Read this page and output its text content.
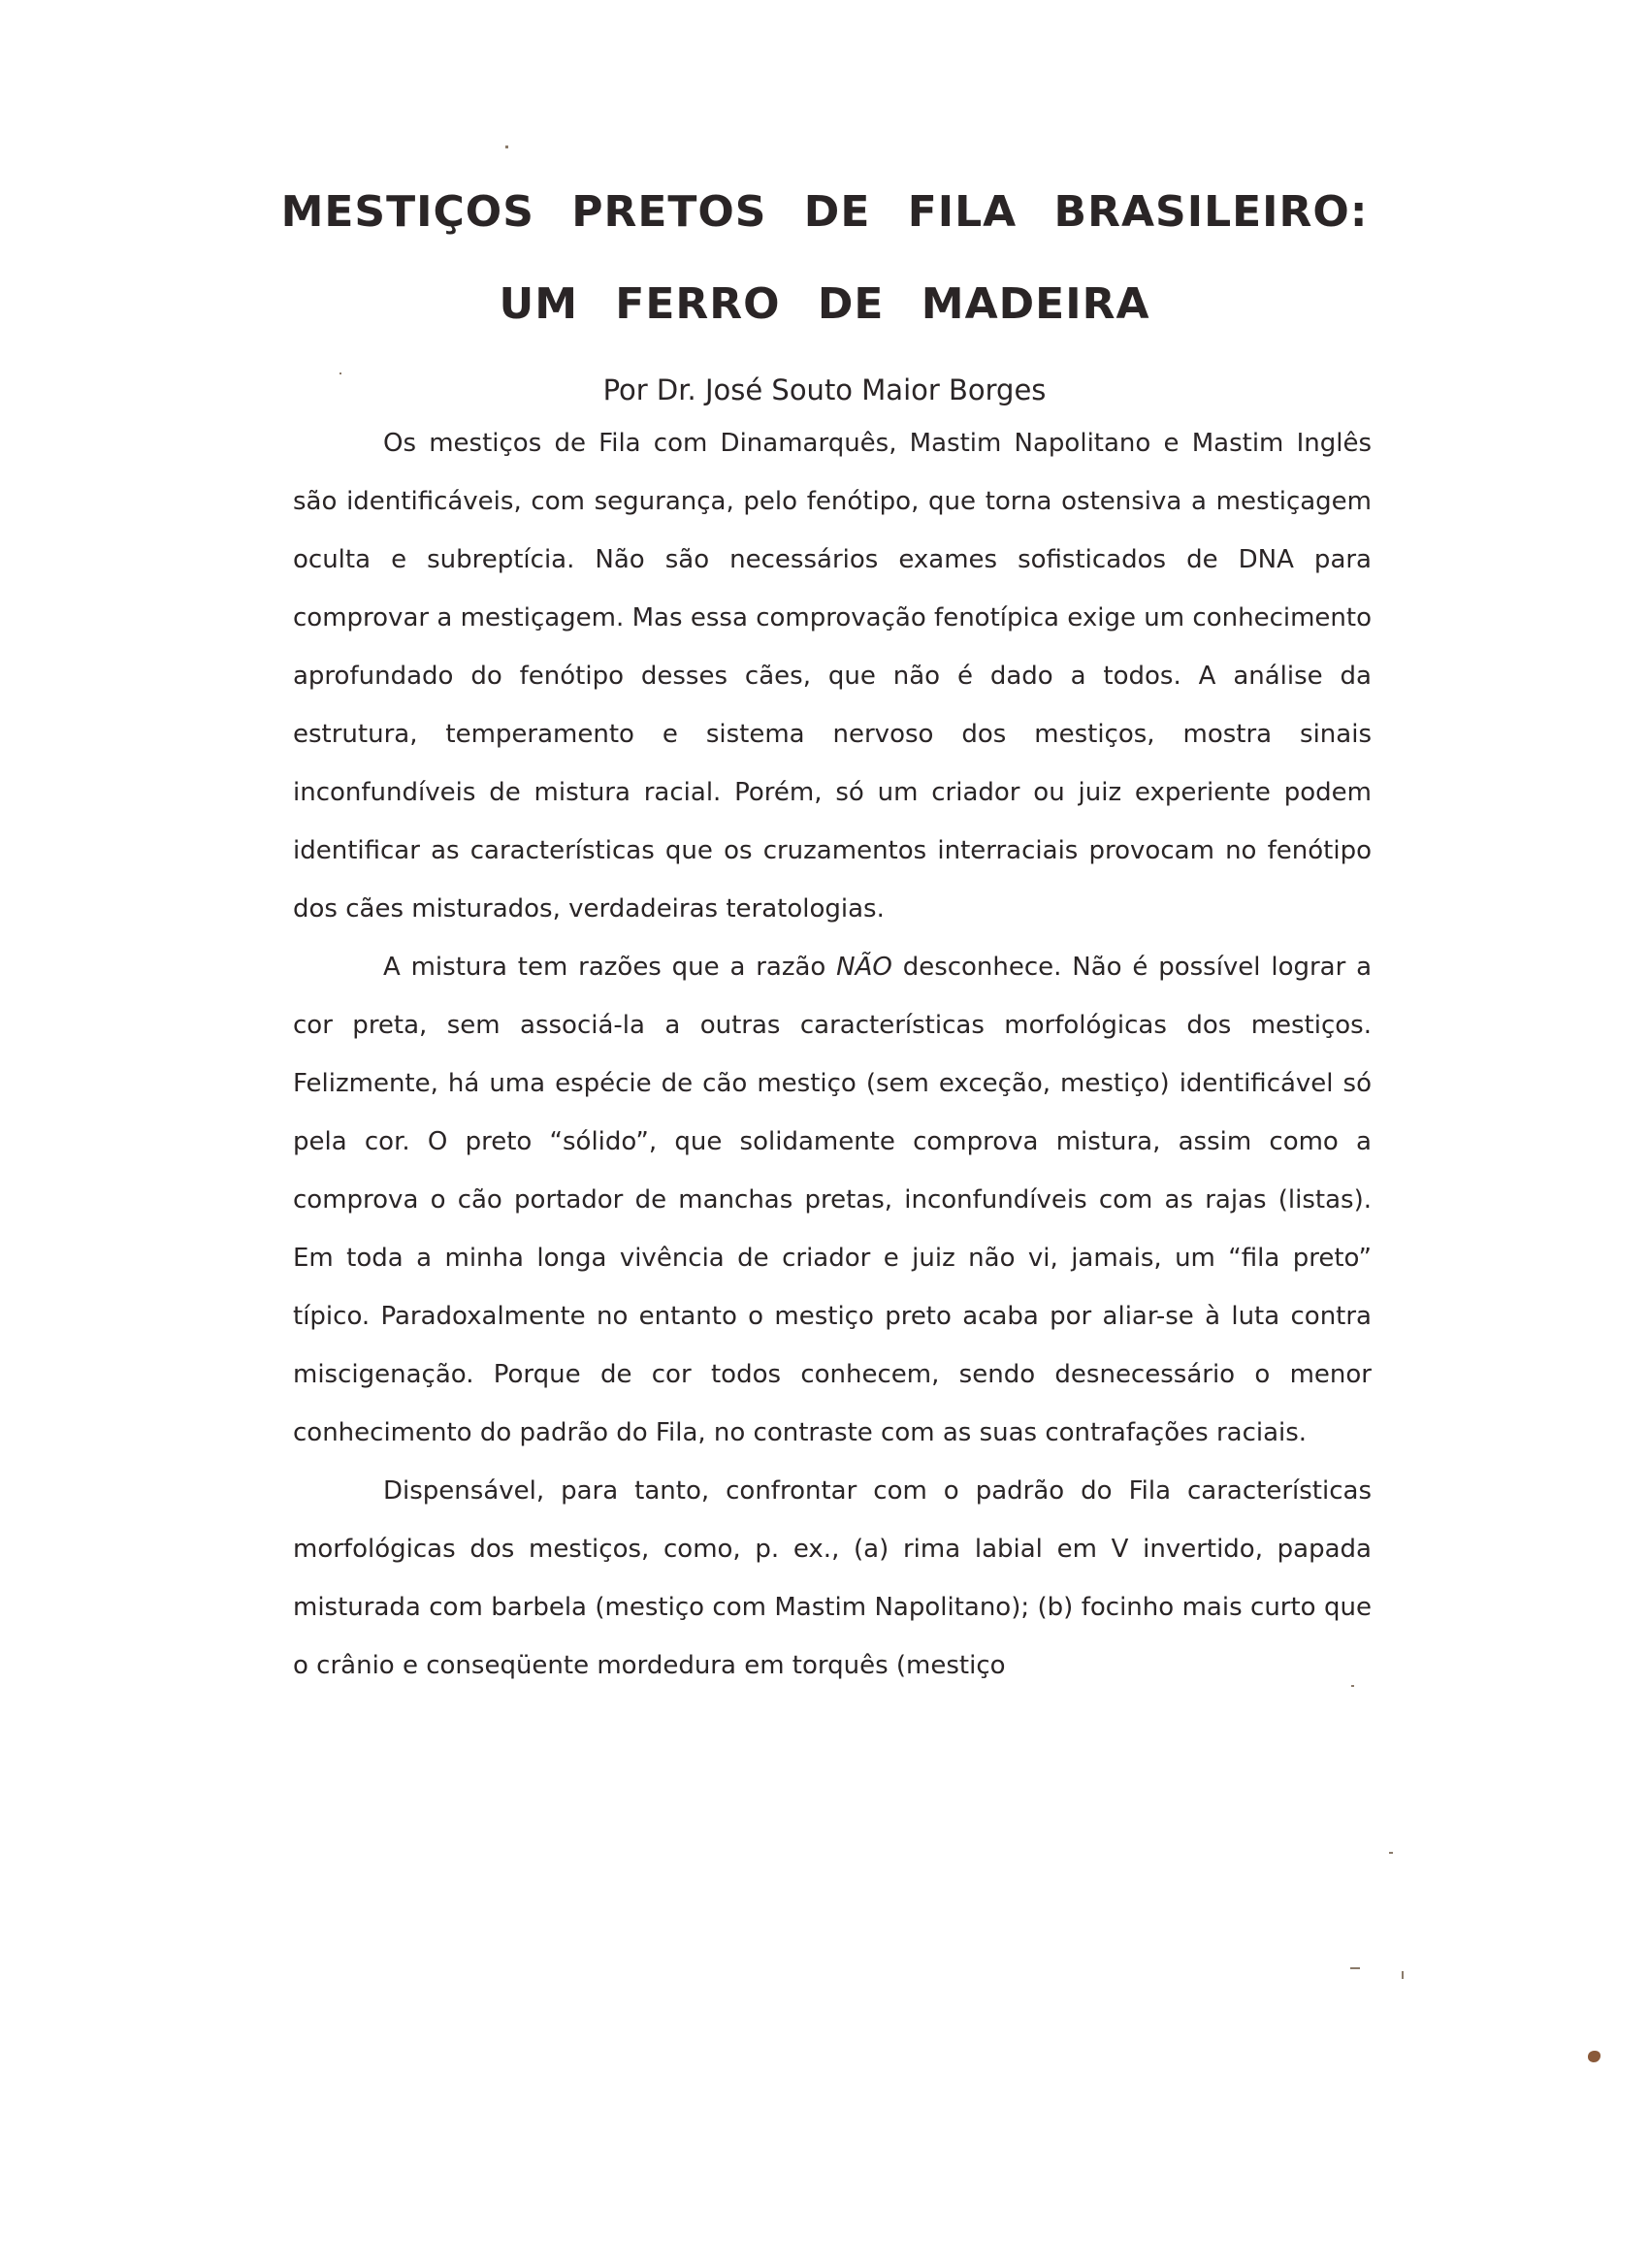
MESTIÇOS PRETOS DE FILA BRASILEIRO:
UM FERRO DE MADEIRA
Por Dr. José Souto Maior Borges

Os mestiços de Fila com Dinamarquês, Mastim Napolitano e Mastim Inglês são identificáveis, com segurança, pelo fenótipo, que torna ostensiva a mestiçagem oculta e subreptícia. Não são necessários exames sofisticados de DNA para comprovar a mestiçagem. Mas essa comprovação fenotípica exige um conhecimento aprofundado do fenótipo desses cães, que não é dado a todos. A análise da estrutura, temperamento e sistema nervoso dos mestiços, mostra sinais inconfundíveis de mistura racial. Porém, só um criador ou juiz experiente podem identificar as características que os cruzamentos interraciais provocam no fenótipo dos cães misturados, verdadeiras teratologias.

A mistura tem razões que a razão NÃO desconhece. Não é possível lograr a cor preta, sem associá-la a outras características morfológicas dos mestiços. Felizmente, há uma espécie de cão mestiço (sem exceção, mestiço) identificável só pela cor. O preto “sólido”, que solidamente comprova mistura, assim como a comprova o cão portador de manchas pretas, inconfundíveis com as rajas (listas). Em toda a minha longa vivência de criador e juiz não vi, jamais, um “fila preto” típico. Paradoxalmente no entanto o mestiço preto acaba por aliar-se à luta contra miscigenação. Porque de cor todos conhecem, sendo desnecessário o menor conhecimento do padrão do Fila, no contraste com as suas contrafações raciais.

Dispensável, para tanto, confrontar com o padrão do Fila características morfológicas dos mestiços, como, p. ex., (a) rima labial em V invertido, papada misturada com barbela (mestiço com Mastim Napolitano); (b) focinho mais curto que o crânio e conseqüente mordedura em torquês (mestiço
